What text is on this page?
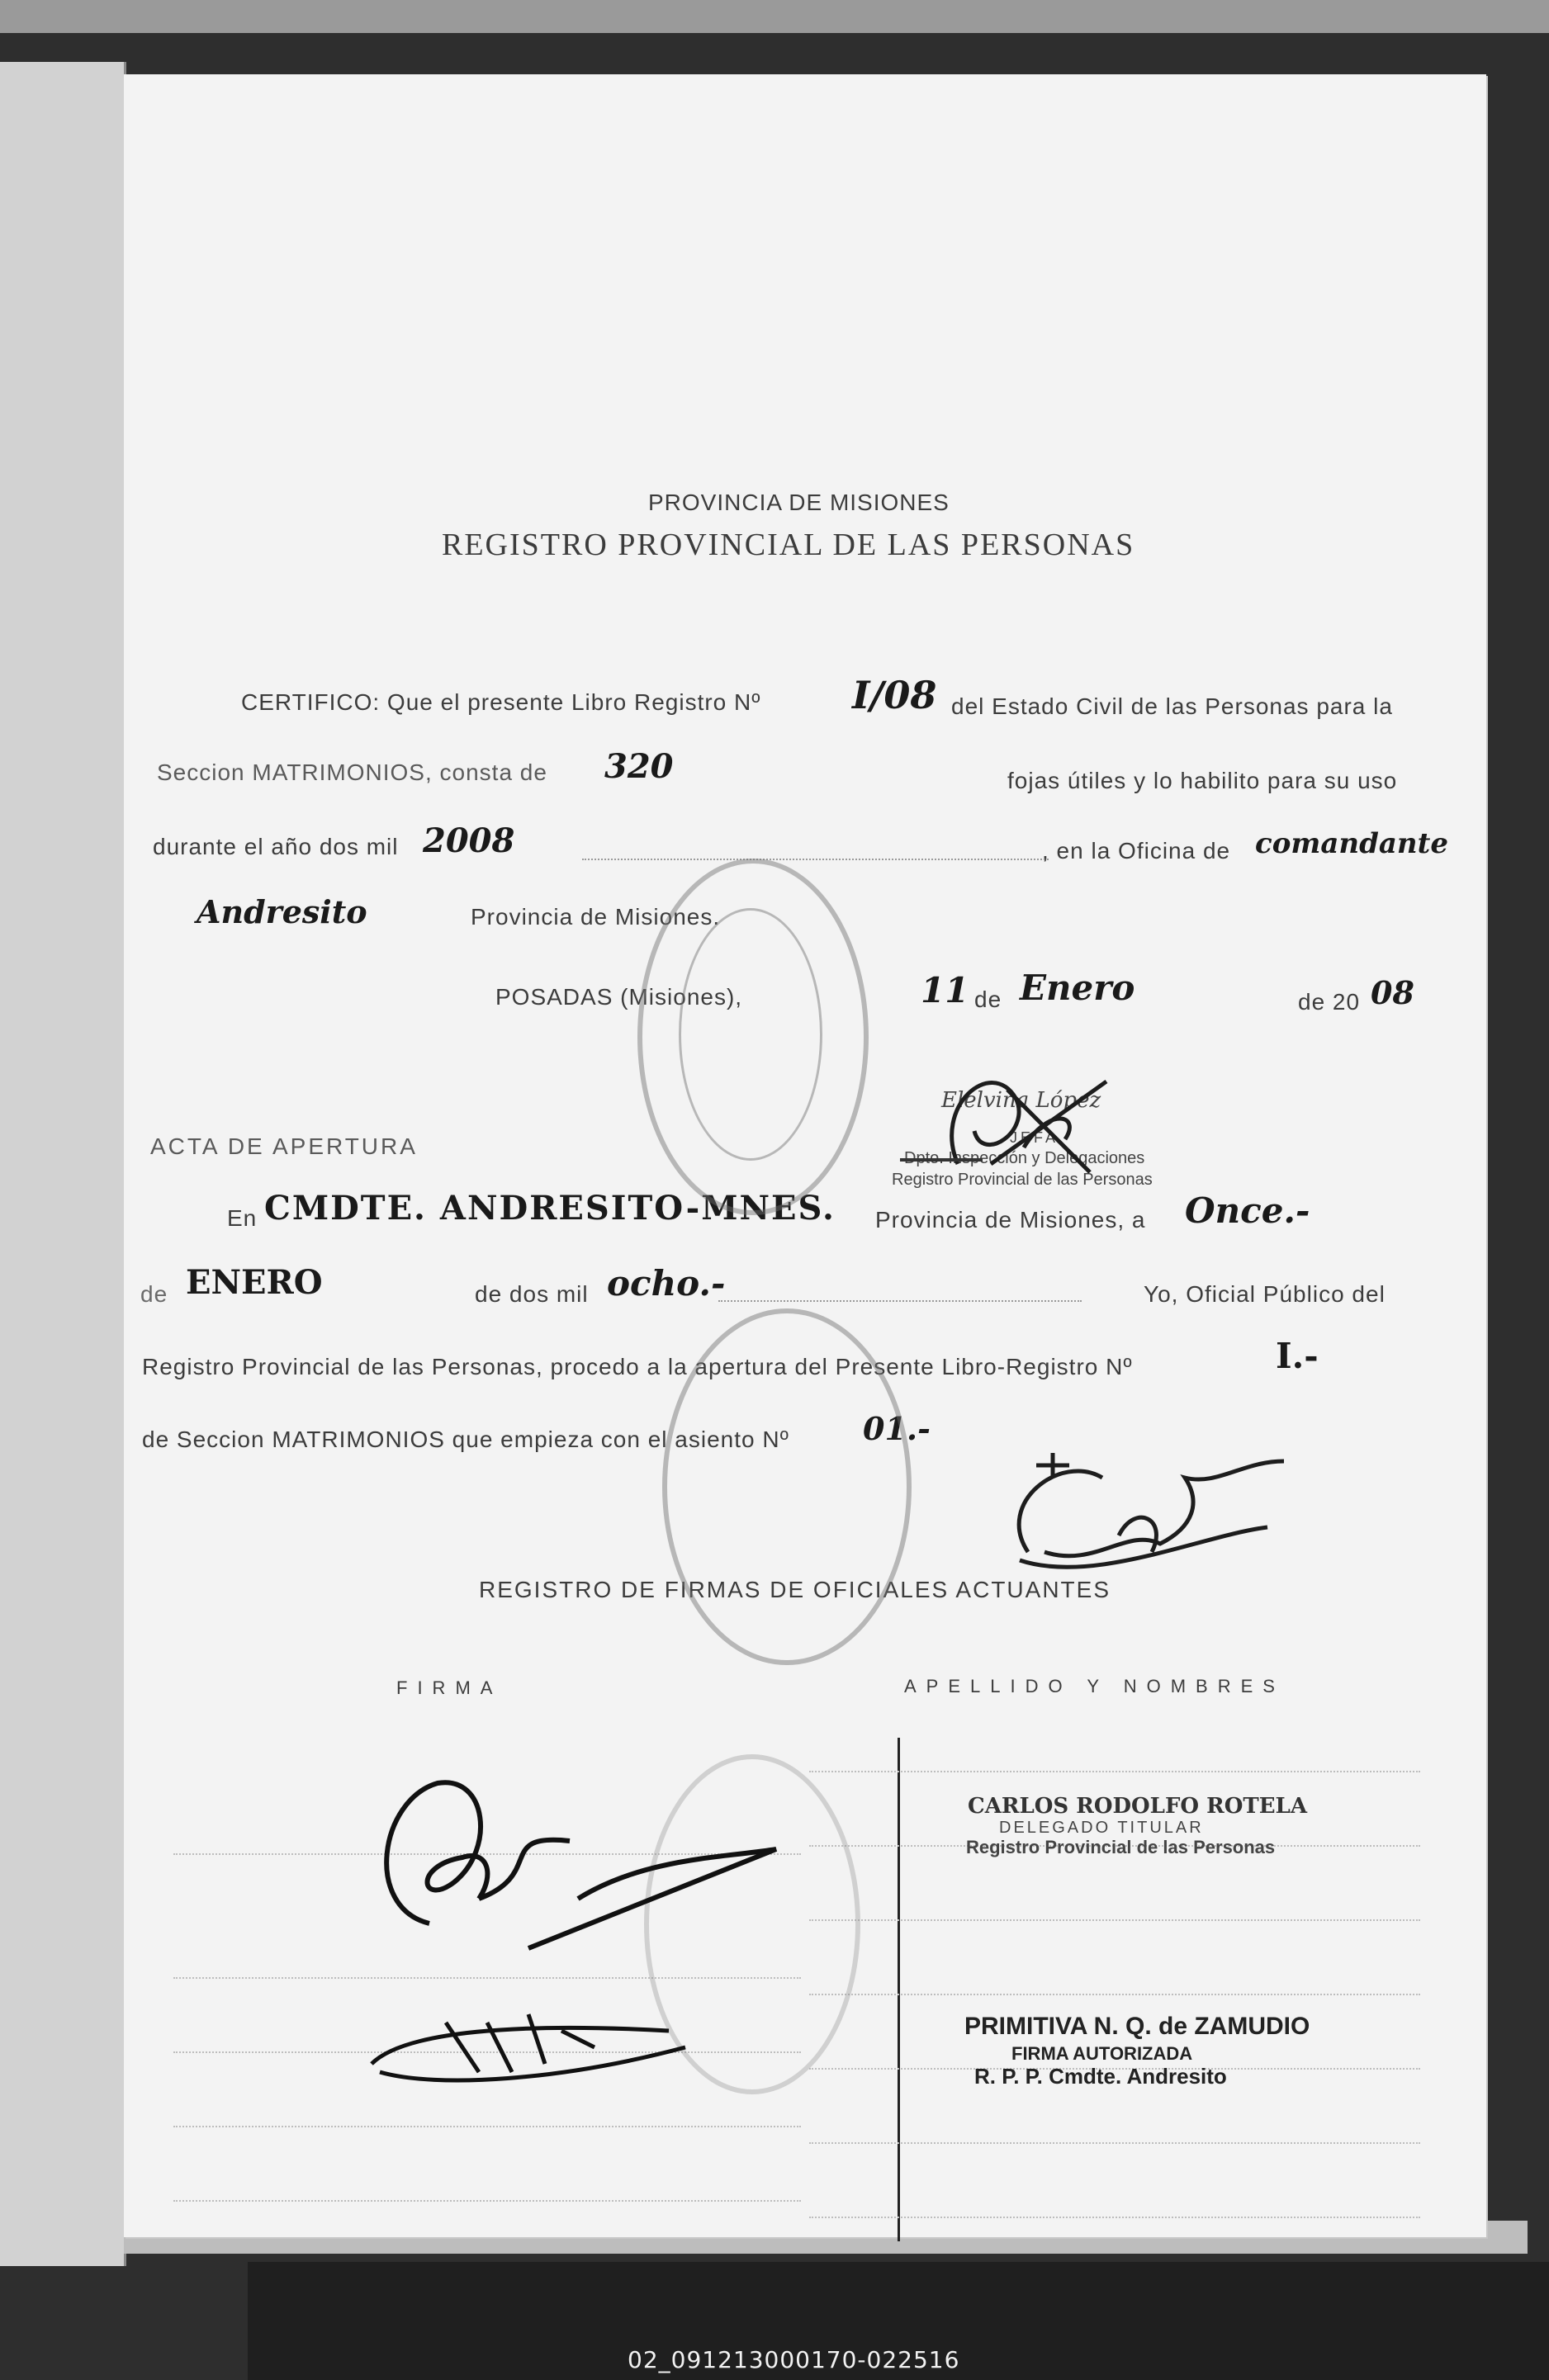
PROVINCIA DE MISIONES
REGISTRO PROVINCIAL DE LAS PERSONAS
CERTIFICO: Que el presente Libro Registro Nº I/08 del Estado Civil de las Personas para la
Seccion MATRIMONIOS, consta de 320	fojas útiles y lo habilito para su uso
durante el año dos mil 2008	, en la Oficina de comandante
Andresito	Provincia de Misiones.
POSADAS (Misiones),	11 de Enero	de 20 08
ACTA DE APERTURA
En CMDTE. ANDRESITO-MNES. Provincia de Misiones, a Once.-
de ENERO	de dos mil ocho.-	Yo, Oficial Público del
Registro Provincial de las Personas, procedo a la apertura del Presente Libro-Registro Nº	I.-
de Seccion MATRIMONIOS que empieza con el asiento Nº 01.-
REGISTRO DE FIRMAS DE OFICIALES ACTUANTES
FIRMA	APELLIDO Y NOMBRES
Elelvina López
JEFA
Dpto. Inspección y Delegaciones
Registro Provincial de las Personas
CARLOS RODOLFO ROTELA
DELEGADO TITULAR
Registro Provincial de las Personas
PRIMITIVA N. Q. de ZAMUDIO
FIRMA AUTORIZADA
R. P. P. Cmdte. Andresito
02_091213000170-022516
